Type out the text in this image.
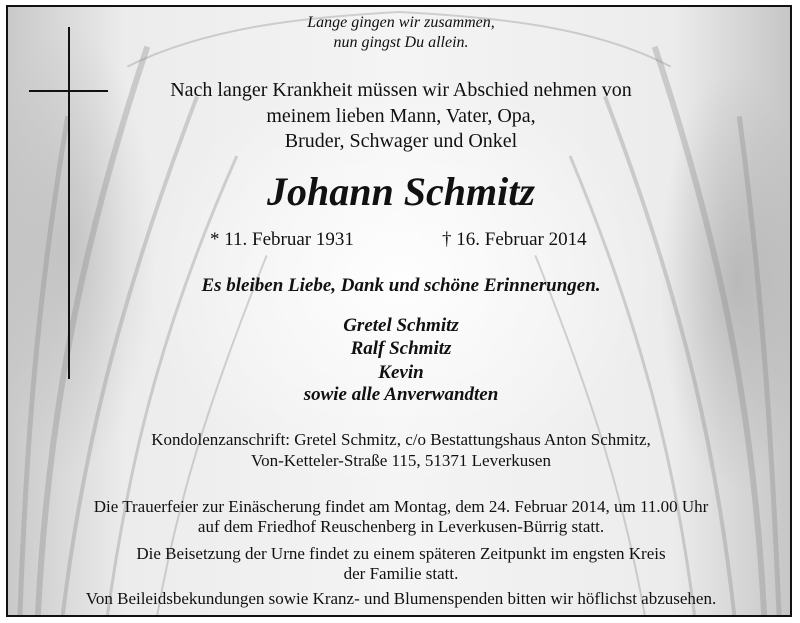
Lange gingen wir zusammen,
nun gingst Du allein.
Nach langer Krankheit müssen wir Abschied nehmen von
meinem lieben Mann, Vater, Opa,
Bruder, Schwager und Onkel
Johann Schmitz
* 11. Februar 1931	† 16. Februar 2014
Es bleiben Liebe, Dank und schöne Erinnerungen.
Gretel Schmitz
Ralf Schmitz
Kevin
sowie alle Anverwandten
Kondolenzanschrift: Gretel Schmitz, c/o Bestattungshaus Anton Schmitz,
Von-Ketteler-Straße 115, 51371 Leverkusen
Die Trauerfeier zur Einäscherung findet am Montag, dem 24. Februar 2014, um 11.00 Uhr
auf dem Friedhof Reuschenberg in Leverkusen-Bürrig statt.
Die Beisetzung der Urne findet zu einem späteren Zeitpunkt im engsten Kreis
der Familie statt.
Von Beileidsbekundungen sowie Kranz- und Blumenspenden bitten wir höflichst abzusehen.
